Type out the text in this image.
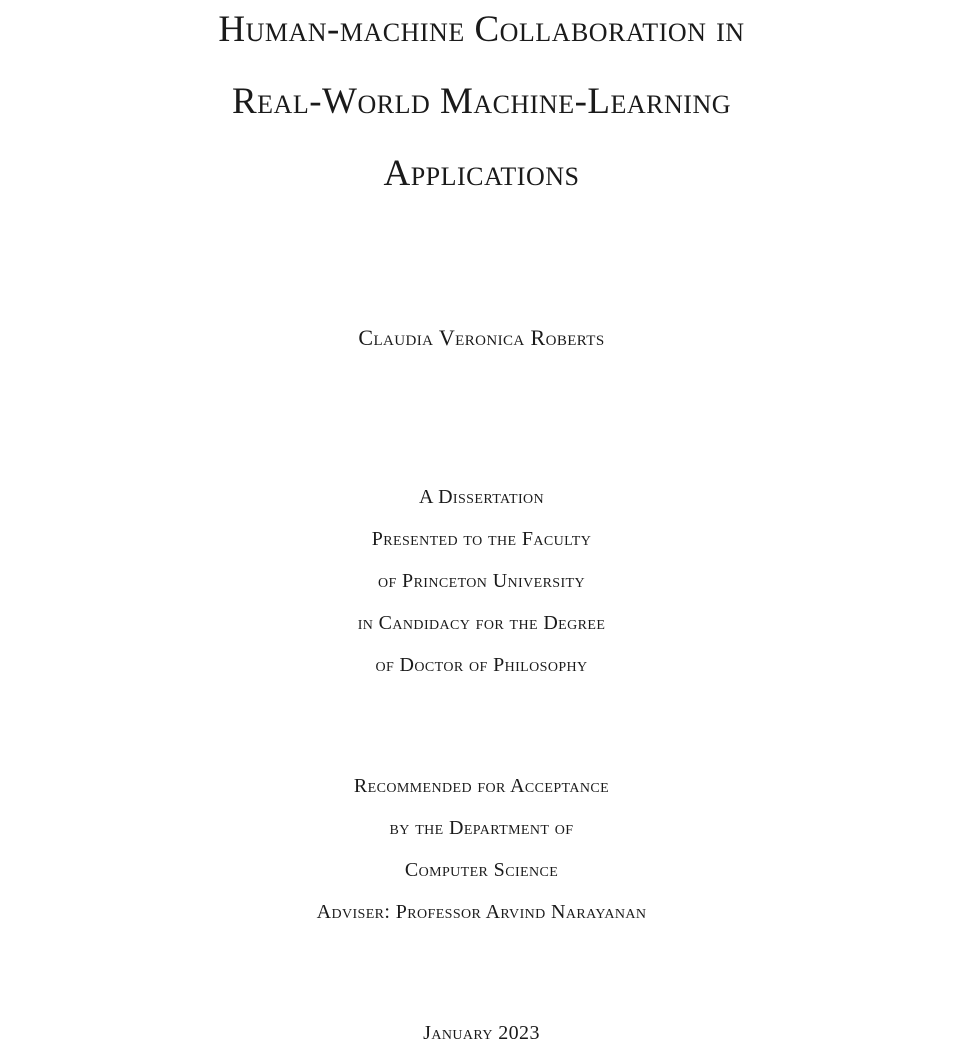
Human-machine Collaboration in
Real-World Machine-Learning
Applications
Claudia Veronica Roberts
A Dissertation
Presented to the Faculty
of Princeton University
in Candidacy for the Degree
of Doctor of Philosophy
Recommended for Acceptance
by the Department of
Computer Science
Adviser: Professor Arvind Narayanan
January 2023
